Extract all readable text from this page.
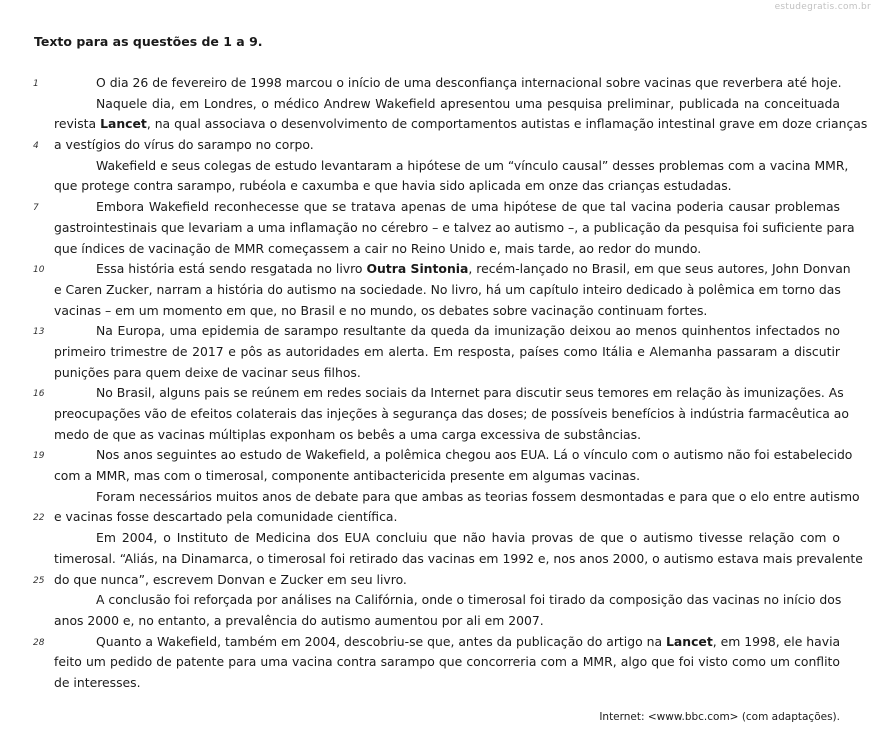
estudegratis.com.br
Texto para as questões de 1 a 9.
1	O dia 26 de fevereiro de 1998 marcou o início de uma desconfiança internacional sobre vacinas que reverbera até hoje.
Naquele dia, em Londres, o médico Andrew Wakefield apresentou uma pesquisa preliminar, publicada na conceituada
revista Lancet, na qual associava o desenvolvimento de comportamentos autistas e inflamação intestinal grave em doze crianças
4 a vestígios do vírus do sarampo no corpo.
Wakefield e seus colegas de estudo levantaram a hipótese de um “vínculo causal” desses problemas com a vacina MMR,
que protege contra sarampo, rubéola e caxumba e que havia sido aplicada em onze das crianças estudadas.
7	Embora Wakefield reconhecesse que se tratava apenas de uma hipótese de que tal vacina poderia causar problemas
gastrointestinais que levariam a uma inflamação no cérebro – e talvez ao autismo –, a publicação da pesquisa foi suficiente para
que índices de vacinação de MMR começassem a cair no Reino Unido e, mais tarde, ao redor do mundo.
10	Essa história está sendo resgatada no livro Outra Sintonia, recém-lançado no Brasil, em que seus autores, John Donvan
e Caren Zucker, narram a história do autismo na sociedade. No livro, há um capítulo inteiro dedicado à polêmica em torno das
vacinas – em um momento em que, no Brasil e no mundo, os debates sobre vacinação continuam fortes.
13	Na Europa, uma epidemia de sarampo resultante da queda da imunização deixou ao menos quinhentos infectados no
primeiro trimestre de 2017 e pôs as autoridades em alerta. Em resposta, países como Itália e Alemanha passaram a discutir
punições para quem deixe de vacinar seus filhos.
16	No Brasil, alguns pais se reúnem em redes sociais da Internet para discutir seus temores em relação às imunizações. As
preocupações vão de efeitos colaterais das injeções à segurança das doses; de possíveis benefícios à indústria farmacêutica ao
medo de que as vacinas múltiplas exponham os bebês a uma carga excessiva de substâncias.
19	Nos anos seguintes ao estudo de Wakefield, a polêmica chegou aos EUA. Lá o vínculo com o autismo não foi estabelecido
com a MMR, mas com o timerosal, componente antibactericida presente em algumas vacinas.
Foram necessários muitos anos de debate para que ambas as teorias fossem desmontadas e para que o elo entre autismo
22 e vacinas fosse descartado pela comunidade científica.
Em 2004, o Instituto de Medicina dos EUA concluiu que não havia provas de que o autismo tivesse relação com o
timerosal. “Aliás, na Dinamarca, o timerosal foi retirado das vacinas em 1992 e, nos anos 2000, o autismo estava mais prevalente
25 do que nunca”, escrevem Donvan e Zucker em seu livro.
A conclusão foi reforçada por análises na Califórnia, onde o timerosal foi tirado da composição das vacinas no início dos
anos 2000 e, no entanto, a prevalência do autismo aumentou por ali em 2007.
28	Quanto a Wakefield, também em 2004, descobriu-se que, antes da publicação do artigo na Lancet, em 1998, ele havia
feito um pedido de patente para uma vacina contra sarampo que concorreria com a MMR, algo que foi visto como um conflito
de interesses.
Internet: <www.bbc.com> (com adaptações).
